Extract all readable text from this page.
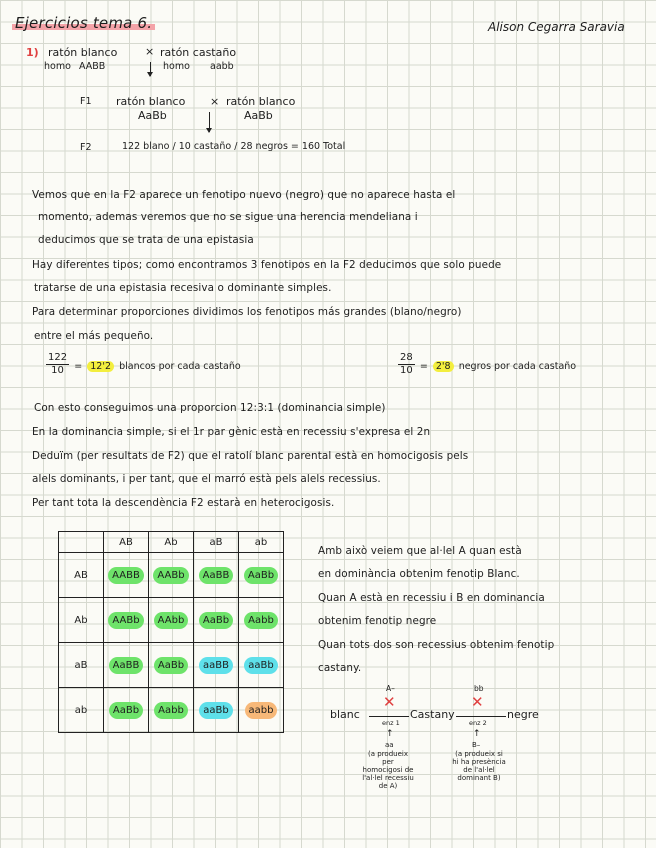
Ejercicios tema 6.	Alison Cegarra Saravia
1) ratón blanco	× ratón castaño
homo AABB	homo aabb
F1 ratón blanco × ratón blanco
AaBb	AaBb
F2	122 blano / 10 castaño / 28 negros = 160 Total
Vemos que en la F2 aparece un fenotipo nuevo (negro) que no aparece hasta el
momento, ademas veremos que no se sigue una herencia mendeliana i
deducimos que se trata de una epistasia
Hay diferentes tipos; como encontramos 3 fenotipos en la F2 deducimos que solo puede
tratarse de una epistasia recesiva o dominante simples.
Para determinar proporciones dividimos los fenotipos más grandes (blano/negro)
entre el más pequeño.
$\frac{122}{10} = 12'2$ blancos por cada castaño	$\frac{28}{10} = 2'8$ negros por cada castaño
Con esto conseguimos una proporcion 12:3:1 (dominancia simple)
En la dominancia simple, si el 1r par gènic està en recessiu s'expresa el 2n
Deduïm (per resultats de F2) que el ratolí blanc parental està en homocigosis pels
alels dominants, i per tant, que el marró està pels alels recessius.
Per tant tota la descendència F2 estarà en heterocigosis.
	AB	Ab	aB	ab
AB	AABB	AABb	AaBB	AaBb
Ab	AABb	AAbb	AaBb	Aabb
aB	AaBB	AaBb	aaBB	aaBb
ab	AaBb	Aabb	aaBb	aabb
Amb això veiem que al·lel A quan està
en dominància obtenim fenotip Blanc.
Quan A està en recessiu i B en dominancia
obtenim fenotip negre
Quan tots dos son recessius obtenim fenotip
castany.
blanc	Castany	negre
A–
✕
enz 1
↑
aa
(a produeix per homocigosi de l'al·lel recessiu de A)
bb
✕
enz 2
↑
B–
(a produeix si hi ha presència de l'al·lel dominant B)
